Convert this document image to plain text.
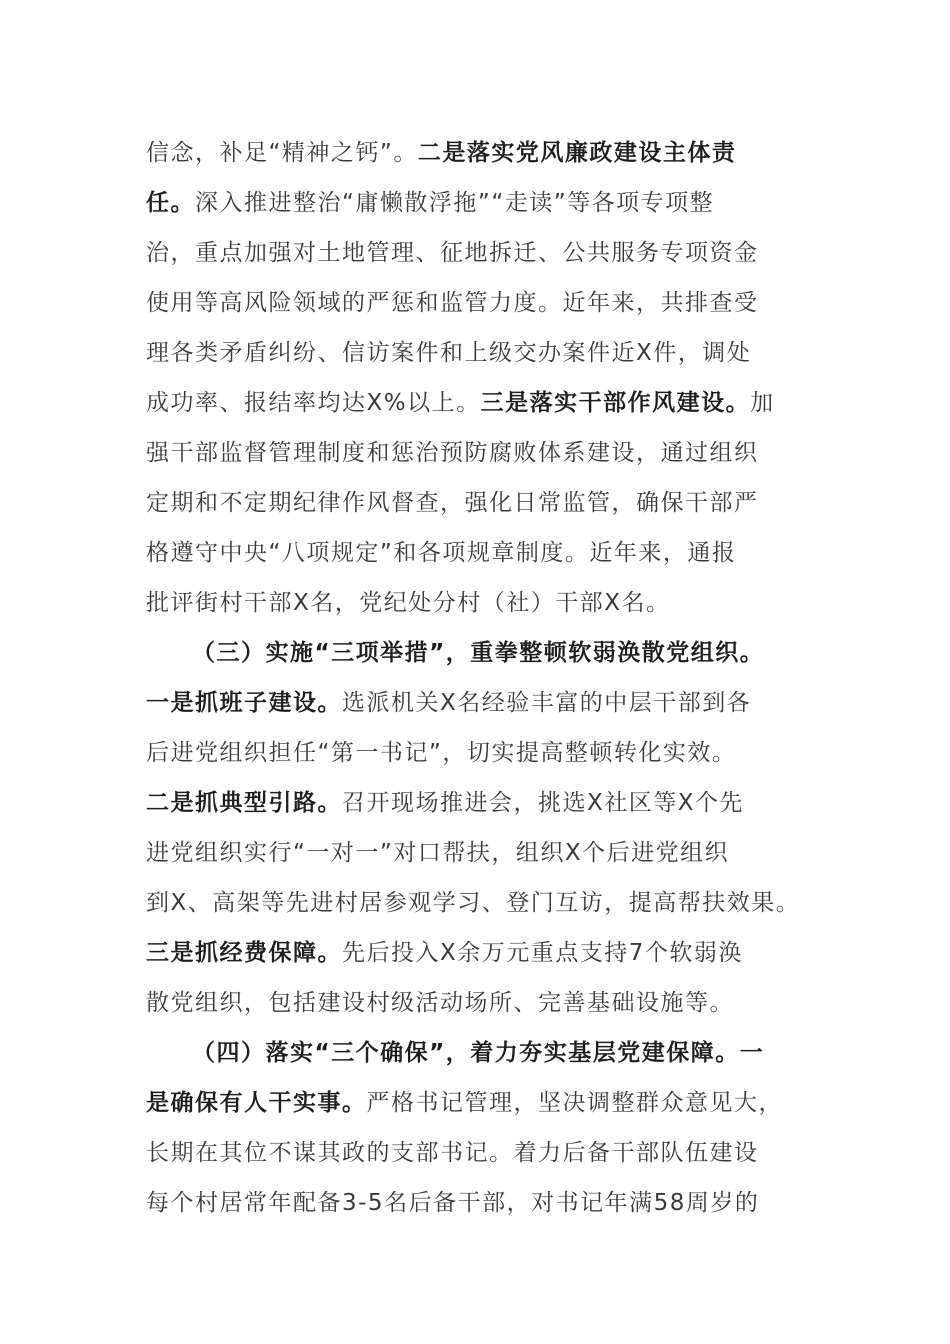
信念，补足“精神之钙”。二是落实党风廉政建设主体责
任。深入推进整治“庸懒散浮拖”“走读”等各项专项整
治，重点加强对土地管理、征地拆迁、公共服务专项资金
使用等高风险领域的严惩和监管力度。近年来，共排查受
理各类矛盾纠纷、信访案件和上级交办案件近X件，调处
成功率、报结率均达X%以上。三是落实干部作风建设。加
强干部监督管理制度和惩治预防腐败体系建设，通过组织
定期和不定期纪律作风督查，强化日常监管，确保干部严
格遵守中央“八项规定”和各项规章制度。近年来，通报
批评街村干部X名，党纪处分村（社）干部X名。
（三）实施“三项举措”，重拳整顿软弱涣散党组织。
一是抓班子建设。选派机关X名经验丰富的中层干部到各
后进党组织担任“第一书记”，切实提高整顿转化实效。
二是抓典型引路。召开现场推进会，挑选X社区等X个先
进党组织实行“一对一”对口帮扶，组织X个后进党组织
到X、高架等先进村居参观学习、登门互访，提高帮扶效果。
三是抓经费保障。先后投入X余万元重点支持7个软弱涣
散党组织，包括建设村级活动场所、完善基础设施等。
（四）落实“三个确保”，着力夯实基层党建保障。一
是确保有人干实事。严格书记管理，坚决调整群众意见大，
长期在其位不谋其政的支部书记。着力后备干部队伍建设
每个村居常年配备3-5名后备干部，对书记年满58周岁的
